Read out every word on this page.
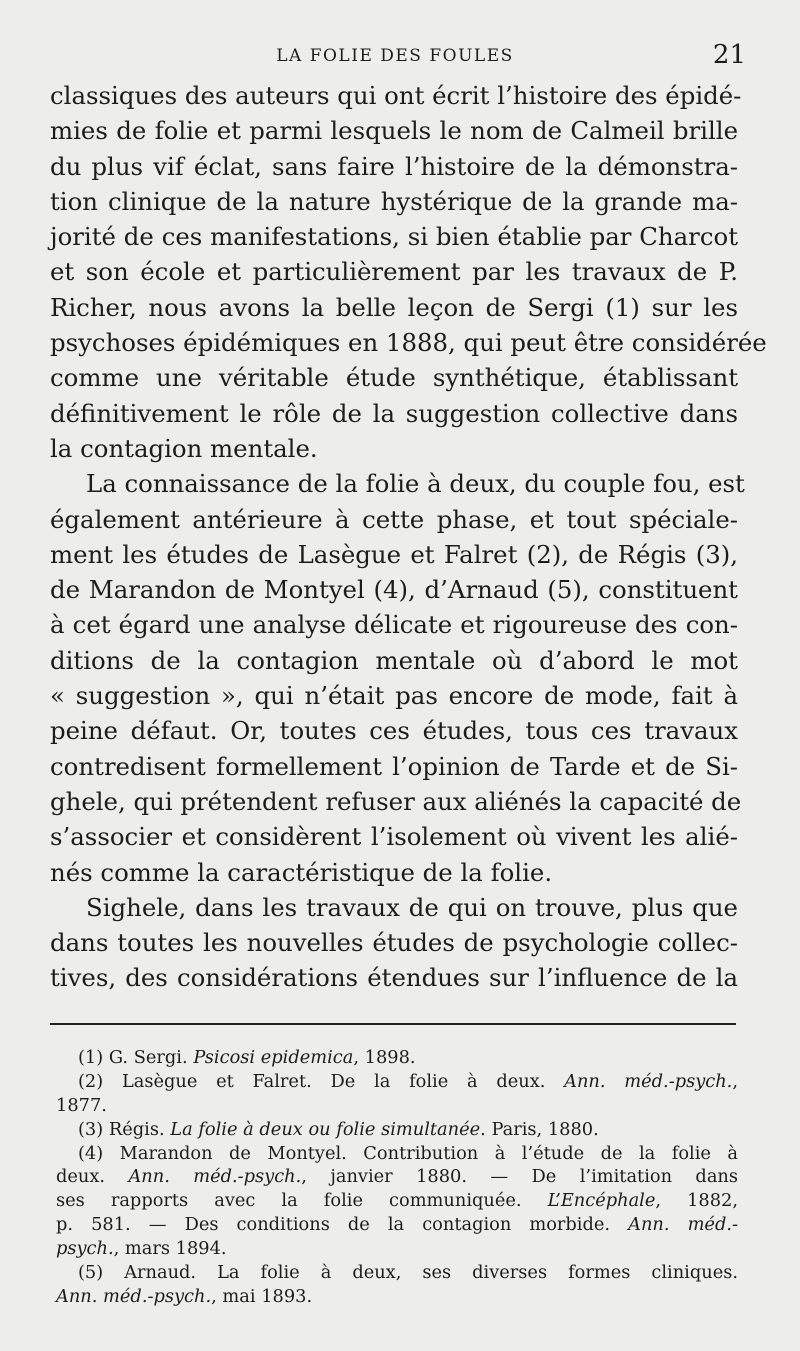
LA FOLIE DES FOULES	21
classiques des auteurs qui ont écrit l’histoire des épidé-
mies de folie et parmi lesquels le nom de Calmeil brille
du plus vif éclat, sans faire l’histoire de la démonstra-
tion clinique de la nature hystérique de la grande ma-
jorité de ces manifestations, si bien établie par Charcot
et son école et particulièrement par les travaux de P.
Richer, nous avons la belle leçon de Sergi (1) sur les
psychoses épidémiques en 1888, qui peut être considérée
comme une véritable étude synthétique, établissant
définitivement le rôle de la suggestion collective dans
la contagion mentale.
La connaissance de la folie à deux, du couple fou, est
également antérieure à cette phase, et tout spéciale-
ment les études de Lasègue et Falret (2), de Régis (3),
de Marandon de Montyel (4), d’Arnaud (5), constituent
à cet égard une analyse délicate et rigoureuse des con-
ditions de la contagion mentale où d’abord le mot
« suggestion », qui n’était pas encore de mode, fait à
peine défaut. Or, toutes ces études, tous ces travaux
contredisent formellement l’opinion de Tarde et de Si-
ghele, qui prétendent refuser aux aliénés la capacité de
s’associer et considèrent l’isolement où vivent les alié-
nés comme la caractéristique de la folie.
Sighele, dans les travaux de qui on trouve, plus que
dans toutes les nouvelles études de psychologie collec-
tives, des considérations étendues sur l’influence de la
(1) G. Sergi. Psicosi epidemica, 1898.
(2) Lasègue et Falret. De la folie à deux. Ann. méd.-psych.,
1877.
(3) Régis. La folie à deux ou folie simultanée. Paris, 1880.
(4) Marandon de Montyel. Contribution à l’étude de la folie à
deux. Ann. méd.-psych., janvier 1880. — De l’imitation dans
ses rapports avec la folie communiquée. L’Encéphale, 1882,
p. 581. — Des conditions de la contagion morbide. Ann. méd.-
psych., mars 1894.
(5) Arnaud. La folie à deux, ses diverses formes cliniques.
Ann. méd.-psych., mai 1893.
